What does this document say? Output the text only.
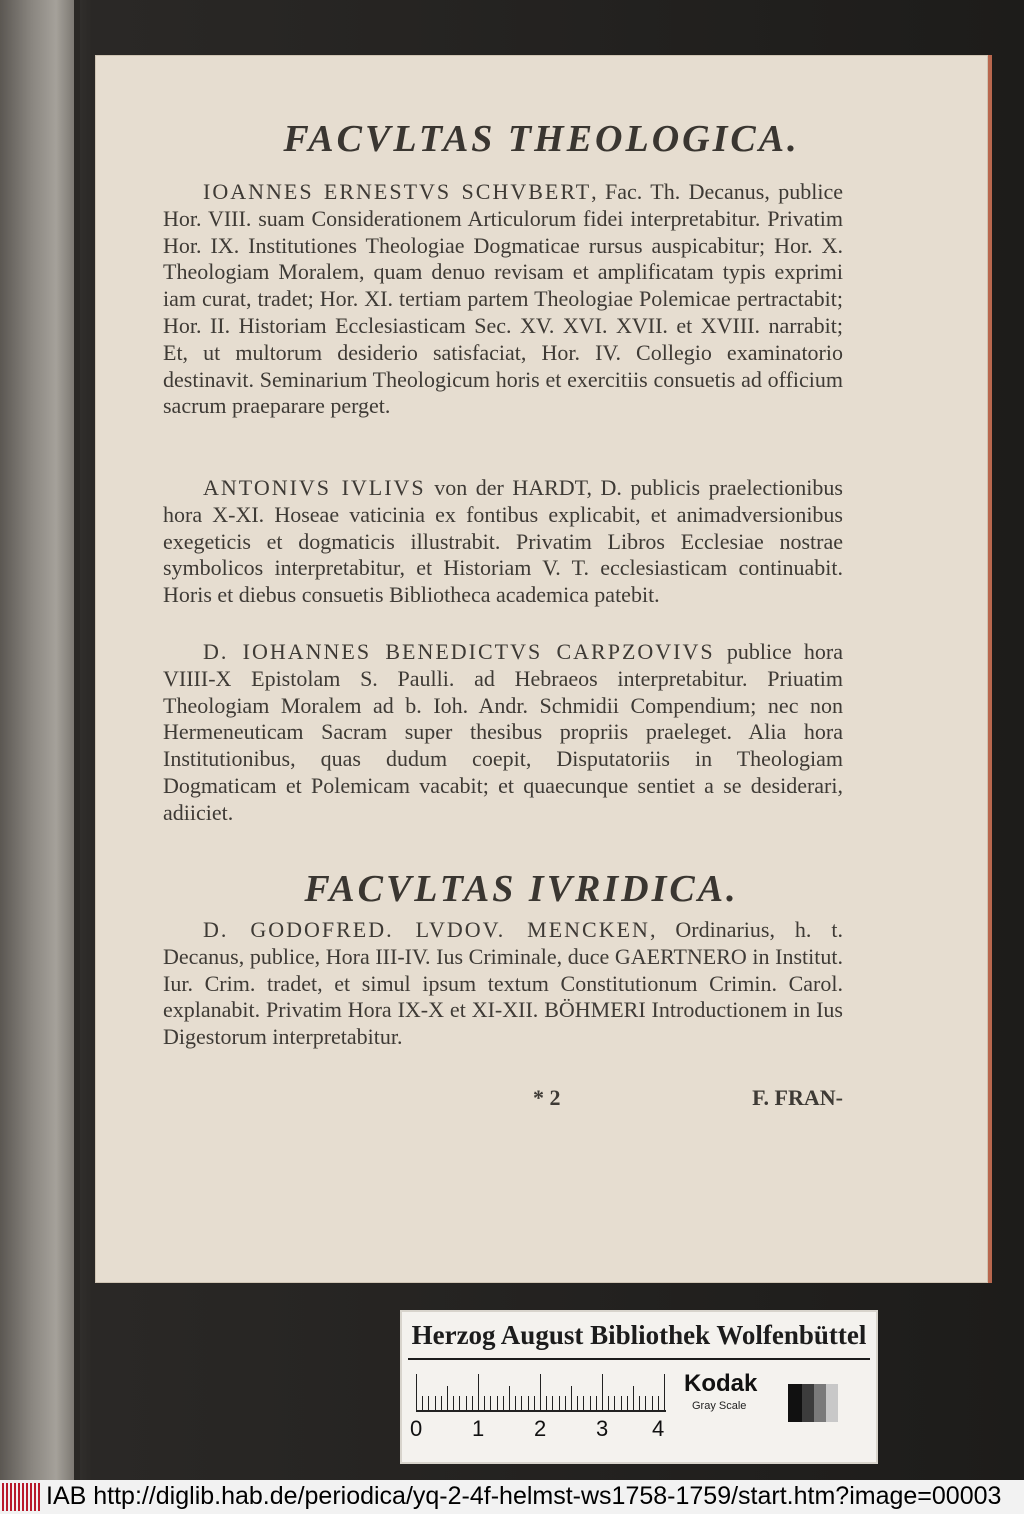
FACVLTAS THEOLOGICA.

IOANNES ERNESTVS SCHVBERT, Fac. Th. Decanus, publice Hor. VIII. suam Considerationem Articulorum fidei interpretabitur. Privatim Hor. IX. Institutiones Theologiae Dogmaticae rursus auspicabitur; Hor. X. Theologiam Moralem, quam denuo revisam et amplificatam typis exprimi iam curat, tradet; Hor. XI. tertiam partem Theologiae Polemicae pertractabit; Hor. II. Historiam Ecclesiasticam Sec. XV. XVI. XVII. et XVIII. narrabit; Et, ut multorum desiderio satisfaciat, Hor. IV. Collegio examinatorio destinavit. Seminarium Theologicum horis et exercitiis consuetis ad officium sacrum praeparare perget.

ANTONIVS IVLIVS von der HARDT, D. publicis praelectionibus hora X-XI. Hoseae vaticinia ex fontibus explicabit, et animadversionibus exegeticis et dogmaticis illustrabit. Privatim Libros Ecclesiae nostrae symbolicos interpretabitur, et Historiam V. T. ecclesiasticam continuabit. Horis et diebus consuetis Bibliotheca academica patebit.

D. IOHANNES BENEDICTVS CARPZOVIVS publice hora VIIII-X Epistolam S. Paulli. ad Hebraeos interpretabitur. Priuatim Theologiam Moralem ad b. Ioh. Andr. Schmidii Compendium; nec non Hermeneuticam Sacram super thesibus propriis praeleget. Alia hora Institutionibus, quas dudum coepit, Disputatoriis in Theologiam Dogmaticam et Polemicam vacabit; et quaecunque sentiet a se desiderari, adiiciet.

FACVLTAS IVRIDICA.

D. GODOFRED. LVDOV. MENCKEN, Ordinarius, h. t. Decanus, publice, Hora III-IV. Ius Criminale, duce GAERTNERO in Institut. Iur. Crim. tradet, et simul ipsum textum Constitutionum Crimin. Carol. explanabit. Privatim Hora IX-X et XI-XII. BÖHMERI Introductionem in Ius Digestorum interpretabitur.

* 2	F. FRAN-
Herzog August Bibliothek Wolfenbüttel
0 1 2 3 4
Kodak
Gray Scale
IAB http://diglib.hab.de/periodica/yq-2-4f-helmst-ws1758-1759/start.htm?image=00003
